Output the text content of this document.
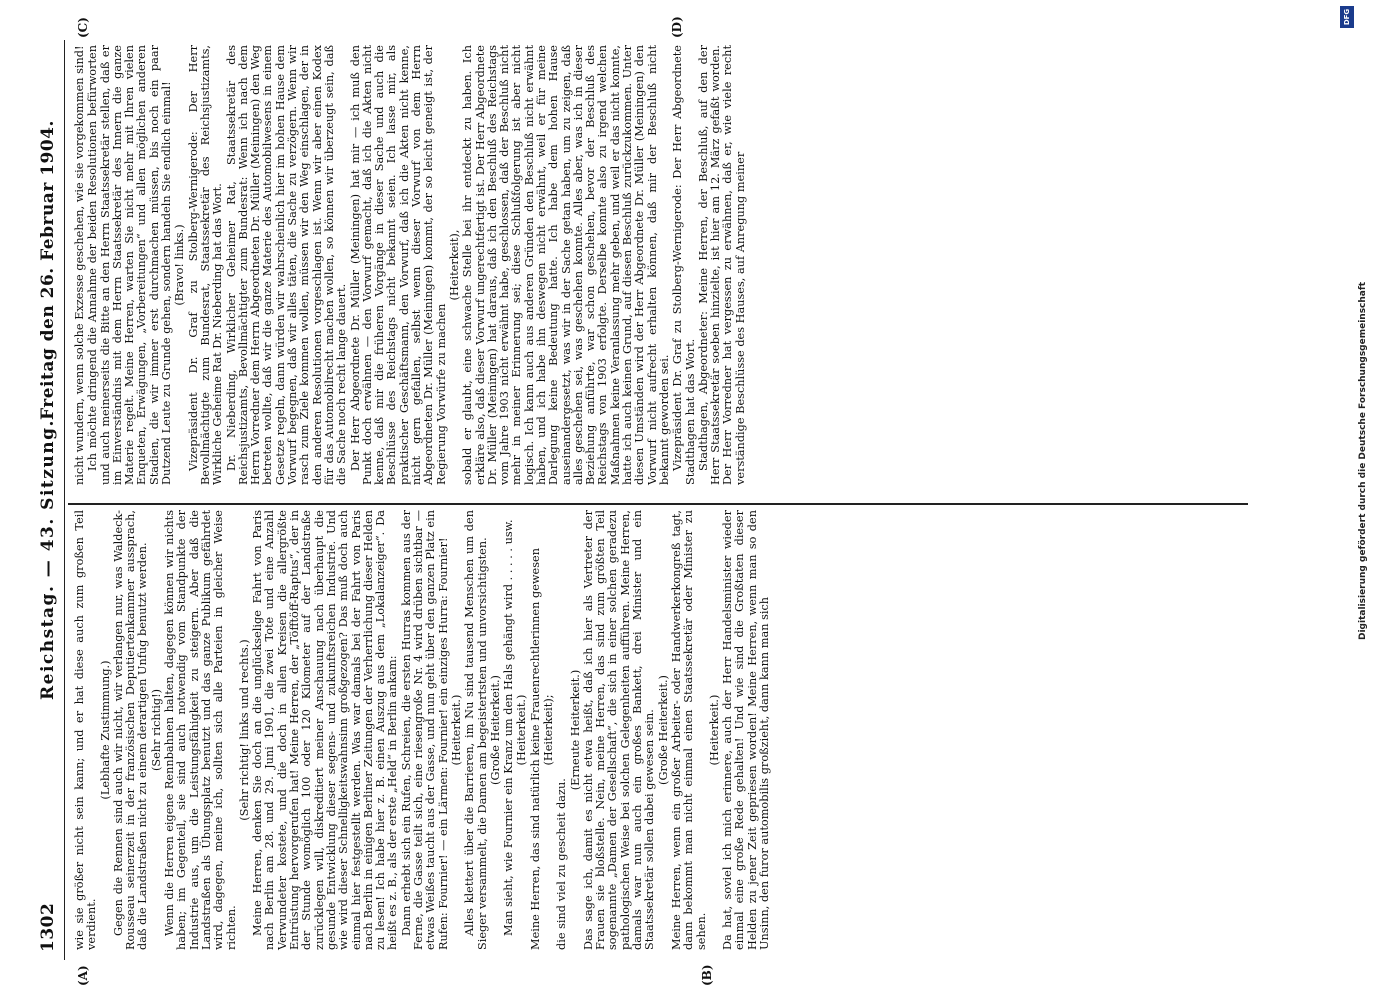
1302
Reichstag. — 43. Sitzung.
Freitag den 26. Februar 1904.
(A)	(B)
(C)	(D)

wie sie größer nicht sein kann; und er hat diese auch zum großen Teil verdient.

(Lebhafte Zustimmung.) Gegen die Rennen sind auch wir nicht, wir verlangen nur, was Waldeck-Rousseau seinerzeit in der französischen Deputiertenkammer aussprach, daß die Landstraßen nicht zu einem derartigen Unfug benutzt werden. (Sehr richtig!) Wenn die Herren eigene Rennbahnen halten, dagegen können wir nichts haben; im Gegenteil, sie sind auch notwendig vom Standpunkte der Industrie aus, um die Leistungsfähigkeit zu steigern. Aber daß die Landstraßen als Übungsplatz benutzt und das ganze Publikum gefährdet wird, dagegen, meine ich, sollten sich alle Parteien in gleicher Weise richten.

(Sehr richtig! links und rechts.) Meine Herren, denken Sie doch an die unglückselige Fahrt von Paris nach Berlin am 28. und 29. Juni 1901, die zwei Tote und eine Anzahl Verwundeter kostete, und die doch in allen Kreisen die allergrößte Entrüstung hervorgerufen hat! Meine Herren, der „Töfftöff-Raptus“, der in der Stunde womöglich 100 oder 120 Kilometer auf der Landstraße zurücklegen will, diskreditiert meiner Anschauung nach überhaupt die gesunde Entwicklung dieser segens- und zukunftsreichen Industrie. Und wie wird dieser Schnelligkeitswahnsinn großgezogen? Das muß doch auch einmal hier festgestellt werden. Was war damals bei der Fahrt von Paris nach Berlin in einigen Berliner Zeitungen der Verherrlichung dieser Helden zu lesen! Ich habe hier z. B. einen Auszug aus dem „Lokalanzeiger“. Da heißt es z. B., als der erste „Held“ in Berlin ankam: Dann erhebt sich ein Rufen, Schreien, die ersten Hurras kommen aus der Ferne, die Gasse teilt sich, eine riesengroße Nr. 4 wird drüben sichtbar — etwas Weißes taucht aus der Gasse, und nun geht über den ganzen Platz ein Rufen: Fournier! — ein Lärmen: Fournier! ein einziges Hurra: Fournier! (Heiterkeit.) Alles klettert über die Barrieren, im Nu sind tausend Menschen um den Sieger versammelt, die Damen am begeistertsten und unvorsichtigsten. (Große Heiterkeit.) Man sieht, wie Fournier ein Kranz um den Hals gehängt wird . . . . . usw. (Heiterkeit.) Meine Herren, das sind natürlich keine Frauenrechtlerinnen gewesen (Heiterkeit);

die sind viel zu gescheit dazu.

(Erneute Heiterkeit.) Das sage ich, damit es nicht etwa heißt, daß ich hier als Vertreter der Frauen sie bloßstelle. Nein, meine Herren, das sind zum größten Teil sogenannte „Damen der Gesellschaft“, die sich in einer solchen geradezu pathologischen Weise bei solchen Gelegenheiten aufführen. Meine Herren, damals war nun auch ein großes Bankett, drei Minister und ein Staatssekretär sollen dabei gewesen sein. (Große Heiterkeit.) Meine Herren, wenn ein großer Arbeiter- oder Handwerkerkongreß tagt, dann bekommt man nicht einmal einen Staatssekretär oder Minister zu sehen.

(Heiterkeit.) Da hat, soviel ich mich erinnere, auch der Herr Handelsminister wieder einmal eine große Rede gehalten! Und wie sind die Großtaten dieser Helden zu jener Zeit gepriesen worden! Meine Herren, wenn man so den Unsinn, den furor automobilis großzieht, dann kann man sich

nicht wundern, wenn solche Exzesse geschehen, wie sie vorgekommen sind! Ich möchte dringend die Annahme der beiden Resolutionen befürworten und auch meinerseits die Bitte an den Herrn Staatssekretär stellen, daß er im Einverständnis mit dem Herrn Staatssekretär des Innern die ganze Materie regelt. Meine Herren, warten Sie nicht mehr mit Ihren vielen Enqueten, Erwägungen, „Vorbereitungen“ und allen möglichen anderen Stadien, die wir immer erst durchmachen müssen, bis noch ein paar Dutzend Leute zu Grunde gehen, sondern handeln Sie endlich einmal! (Bravo! links.) Vizepräsident Dr. Graf zu Stolberg-Wernigerode: Der Herr Bevollmächtigte zum Bundesrat, Staatssekretär des Reichsjustizamts, Wirkliche Geheime Rat Dr. Nieberding hat das Wort. Dr. Nieberding, Wirklicher Geheimer Rat, Staatssekretär des Reichsjustizamts, Bevollmächtigter zum Bundesrat: Wenn ich nach dem Herrn Vorredner dem Herrn Abgeordneten Dr. Müller (Meiningen) den Weg betreten wollte, daß wir die ganze Materie des Automobilwesens in einem Gesetze regeln, dann würden wir wahrscheinlich hier im hohen Hause dem Vorwurf begegnen, daß wir alles täten, die Sache zu verzögern. Wenn wir rasch zum Ziele kommen wollen, müssen wir den Weg einschlagen, der in den anderen Resolutionen vorgeschlagen ist. Wenn wir aber einen Kodex für das Automobilrecht machen wollen, so können wir überzeugt sein, daß die Sache noch recht lange dauert. Der Herr Abgeordnete Dr. Müller (Meiningen) hat mir — ich muß den Punkt doch erwähnen — den Vorwurf gemacht, daß ich die Akten nicht kenne, daß mir die früheren Vorgänge in dieser Sache und auch die Beschlüsse des Reichstags nicht bekannt seien. Ich lasse mir, als praktischer Geschäftsmann, den Vorwurf, daß ich die Akten nicht kenne, nicht gern gefallen, selbst wenn dieser Vorwurf von dem Herrn Abgeordneten Dr. Müller (Meiningen) kommt, der so leicht geneigt ist, der Regierung Vorwürfe zu machen

(Heiterkeit), sobald er glaubt, eine schwache Stelle bei ihr entdeckt zu haben. Ich erkläre also, daß dieser Vorwurf ungerechtfertigt ist. Der Herr Abgeordnete Dr. Müller (Meiningen) hat daraus, daß ich den Beschluß des Reichstags vom Jahre 1903 nicht erwähnt habe, geschlossen, daß der Beschluß nicht mehr in meiner Erinnerung sei; diese Schlußfolgerung ist aber nicht logisch. Ich kann auch aus anderen Gründen den Beschluß nicht erwähnt haben, und ich habe ihn deswegen nicht erwähnt, weil er für meine Darlegung keine Bedeutung hatte. Ich habe dem hohen Hause auseinandergesetzt, was wir in der Sache getan haben, um zu zeigen, daß alles geschehen sei, was geschehen konnte. Alles aber, was ich in dieser Beziehung anführte, war schon geschehen, bevor der Beschluß des Reichstags von 1903 erfolgte. Derselbe konnte also zu irgend welchen Maßnahmen keine Veranlassung mehr geben, und weil er das nicht konnte, hatte ich auch keinen Grund, auf diesen Beschluß zurückzukommen. Unter diesen Umständen wird der Herr Abgeordnete Dr. Müller (Meiningen) den Vorwurf nicht aufrecht erhalten können, daß mir der Beschluß nicht bekannt geworden sei. Vizepräsident Dr. Graf zu Stolberg-Wernigerode: Der Herr Abgeordnete Stadthagen hat das Wort. Stadthagen, Abgeordneter: Meine Herren, der Beschluß, auf den der Herr Staatssekretär soeben hinzielte, ist hier am 12. März gefaßt worden. Der Herr Vorredner hat vergessen zu erwähnen, daß er, wie viele recht verständige Beschlüsse des Hauses, auf Anregung meiner	Digitalisierung gefördert durch die Deutsche Forschungsgemeinschaft
DFG
